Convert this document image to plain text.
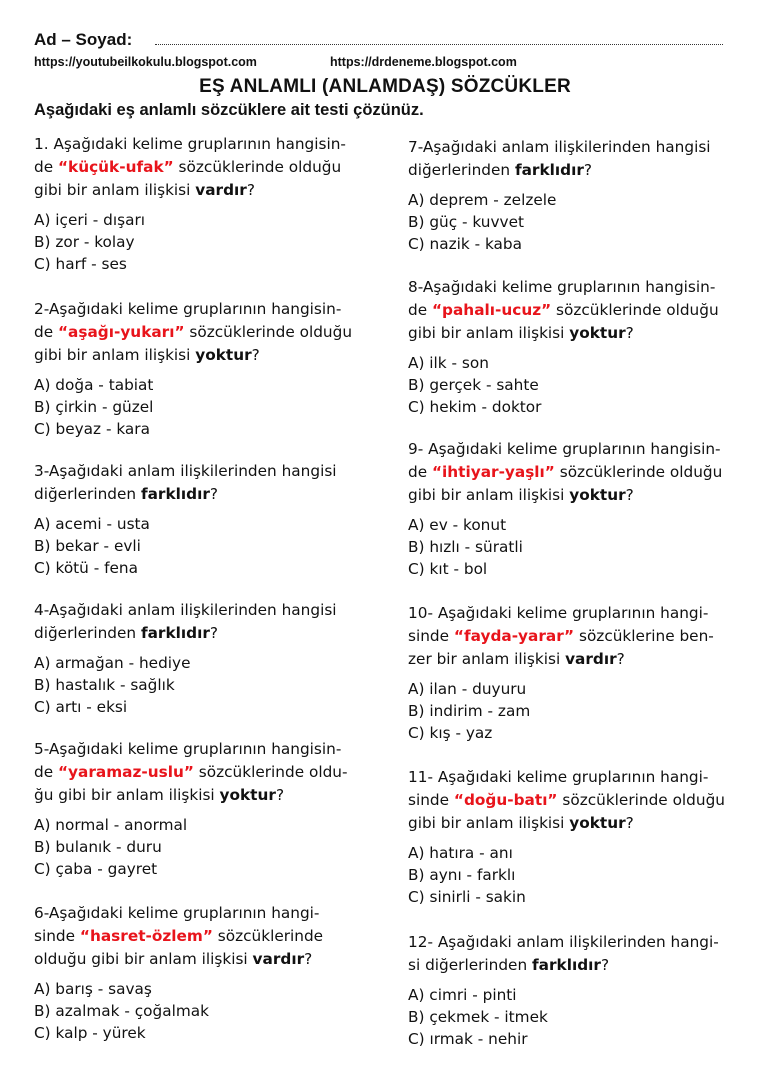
Ad – Soyad:
https://youtubeilkokulu.blogspot.com	https://drdeneme.blogspot.com
EŞ ANLAMLI (ANLAMDAŞ) SÖZCÜKLER
Aşağıdaki eş anlamlı sözcüklere ait testi çözünüz.

1. Aşağıdaki kelime gruplarının hangisin-
de “küçük-ufak” sözcüklerinde olduğu
gibi bir anlam ilişkisi vardır?

A) içeri - dışarı
B) zor - kolay
C) harf - ses

2-Aşağıdaki kelime gruplarının hangisin-
de “aşağı-yukarı” sözcüklerinde olduğu
gibi bir anlam ilişkisi yoktur?

A) doğa - tabiat
B) çirkin - güzel
C) beyaz - kara

3-Aşağıdaki anlam ilişkilerinden hangisi
diğerlerinden farklıdır?

A) acemi - usta
B) bekar - evli
C) kötü - fena

4-Aşağıdaki anlam ilişkilerinden hangisi
diğerlerinden farklıdır?

A) armağan - hediye
B) hastalık - sağlık
C) artı - eksi

5-Aşağıdaki kelime gruplarının hangisin-
de “yaramaz-uslu” sözcüklerinde oldu-
ğu gibi bir anlam ilişkisi yoktur?

A) normal - anormal
B) bulanık - duru
C) çaba - gayret

6-Aşağıdaki kelime gruplarının hangi-
sinde “hasret-özlem” sözcüklerinde
olduğu gibi bir anlam ilişkisi vardır?

A) barış - savaş
B) azalmak - çoğalmak
C) kalp - yürek

7-Aşağıdaki anlam ilişkilerinden hangisi
diğerlerinden farklıdır?

A) deprem - zelzele
B) güç - kuvvet
C) nazik - kaba

8-Aşağıdaki kelime gruplarının hangisin-
de “pahalı-ucuz” sözcüklerinde olduğu
gibi bir anlam ilişkisi yoktur?

A) ilk - son
B) gerçek - sahte
C) hekim - doktor

9- Aşağıdaki kelime gruplarının hangisin-
de “ihtiyar-yaşlı” sözcüklerinde olduğu
gibi bir anlam ilişkisi yoktur?

A) ev - konut
B) hızlı - süratli
C) kıt - bol

10- Aşağıdaki kelime gruplarının hangi-
sinde “fayda-yarar” sözcüklerine ben-
zer bir anlam ilişkisi vardır?

A) ilan - duyuru
B) indirim - zam
C) kış - yaz

11- Aşağıdaki kelime gruplarının hangi-
sinde “doğu-batı” sözcüklerinde olduğu
gibi bir anlam ilişkisi yoktur?

A) hatıra - anı
B) aynı - farklı
C) sinirli - sakin

12- Aşağıdaki anlam ilişkilerinden hangi-
si diğerlerinden farklıdır?

A) cimri - pinti
B) çekmek - itmek
C) ırmak - nehir
